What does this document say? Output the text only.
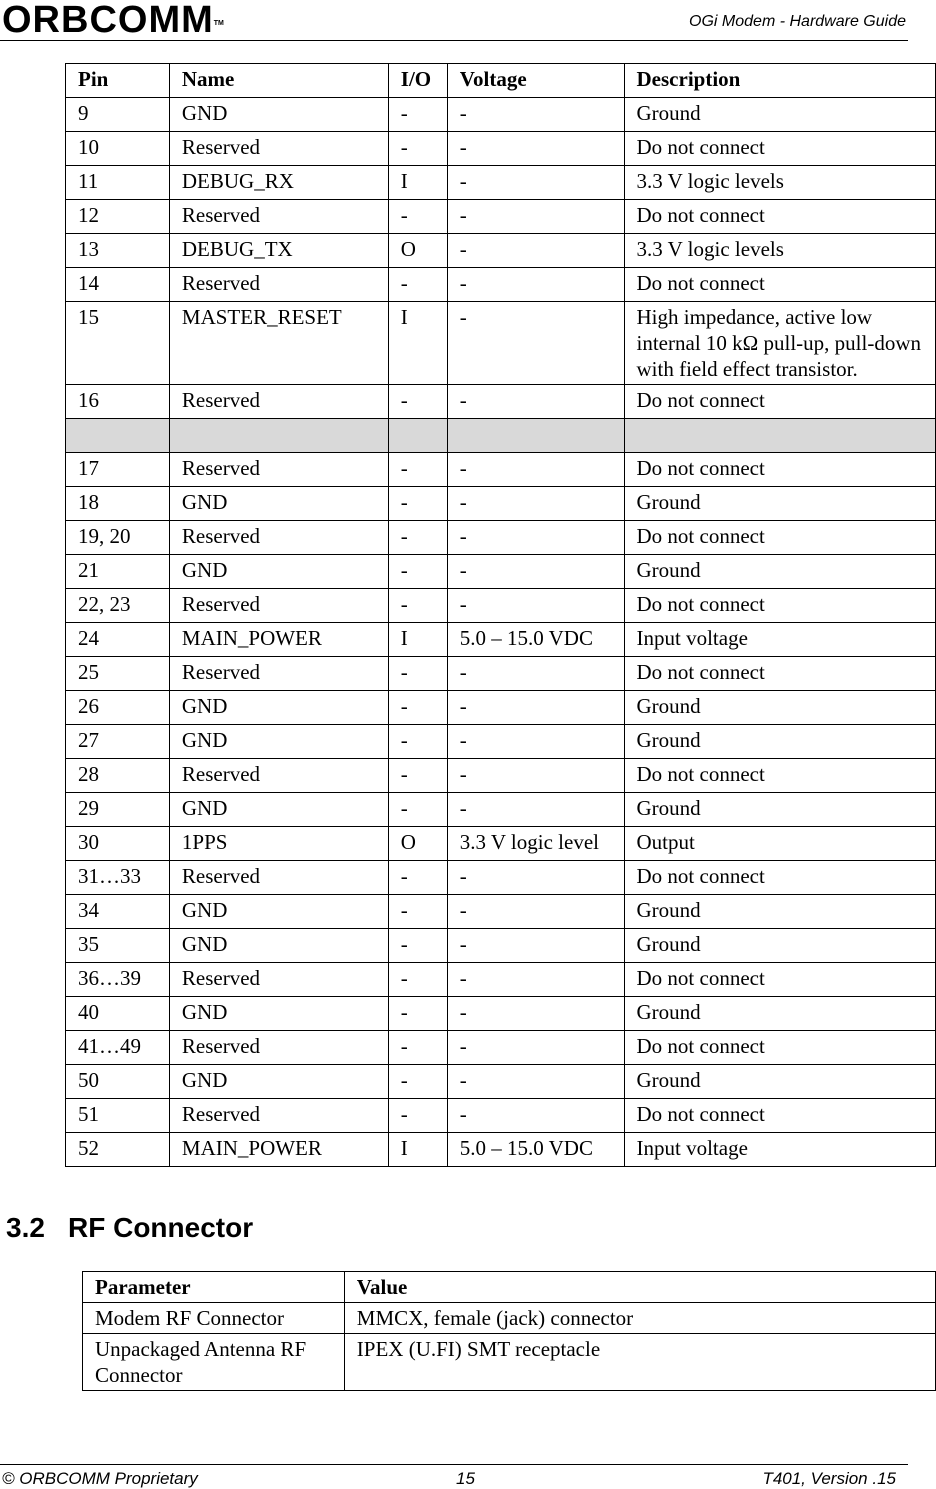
ORBCOMM™	OGi Modem - Hardware Guide
Pin	Name	I/O	Voltage	Description
9	GND	-	-	Ground
10	Reserved	-	-	Do not connect
11	DEBUG_RX	I	-	3.3 V logic levels
12	Reserved	-	-	Do not connect
13	DEBUG_TX	O	-	3.3 V logic levels
14	Reserved	-	-	Do not connect
15	MASTER_RESET	I	-	High impedance, active low internal 10 kΩ pull-up, pull-down with field effect transistor.
16	Reserved	-	-	Do not connect

17	Reserved	-	-	Do not connect
18	GND	-	-	Ground
19, 20	Reserved	-	-	Do not connect
21	GND	-	-	Ground
22, 23	Reserved	-	-	Do not connect
24	MAIN_POWER	I	5.0 – 15.0 VDC	Input voltage
25	Reserved	-	-	Do not connect
26	GND	-	-	Ground
27	GND	-	-	Ground
28	Reserved	-	-	Do not connect
29	GND	-	-	Ground
30	1PPS	O	3.3 V logic level	Output
31…33	Reserved	-	-	Do not connect
34	GND	-	-	Ground
35	GND	-	-	Ground
36…39	Reserved	-	-	Do not connect
40	GND	-	-	Ground
41…49	Reserved	-	-	Do not connect
50	GND	-	-	Ground
51	Reserved	-	-	Do not connect
52	MAIN_POWER	I	5.0 – 15.0 VDC	Input voltage
3.2 RF Connector
Parameter	Value
Modem RF Connector	MMCX, female (jack) connector
Unpackaged Antenna RF Connector	IPEX (U.FI) SMT receptacle
© ORBCOMM Proprietary	15	T401, Version .15
